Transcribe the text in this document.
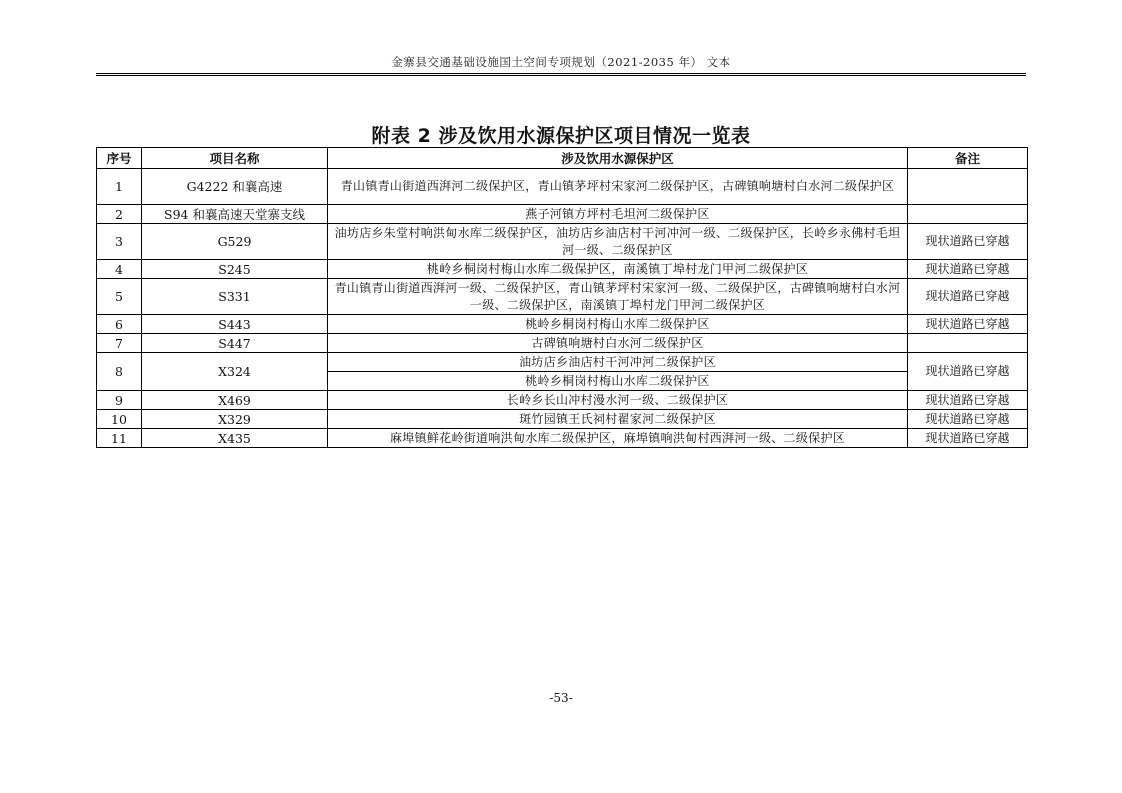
金寨县交通基础设施国土空间专项规划（2021-2035 年） 文本
附表 2 涉及饮用水源保护区项目情况一览表
序号	项目名称	涉及饮用水源保护区	备注
1	G4222 和襄高速	青山镇青山街道西湃河二级保护区，青山镇茅坪村宋家河二级保护区，古碑镇响塘村白水河二级保护区	
2	S94 和襄高速天堂寨支线	燕子河镇方坪村毛坦河二级保护区	
3	G529	油坊店乡朱堂村响洪甸水库二级保护区，油坊店乡油店村干河冲河一级、二级保护区，长岭乡永佛村毛坦河一级、二级保护区	现状道路已穿越
4	S245	桃岭乡桐岗村梅山水库二级保护区，南溪镇丁埠村龙门甲河二级保护区	现状道路已穿越
5	S331	青山镇青山街道西湃河一级、二级保护区，青山镇茅坪村宋家河一级、二级保护区，古碑镇响塘村白水河一级、二级保护区，南溪镇丁埠村龙门甲河二级保护区	现状道路已穿越
6	S443	桃岭乡桐岗村梅山水库二级保护区	现状道路已穿越
7	S447	古碑镇响塘村白水河二级保护区	
8	X324	油坊店乡油店村干河冲河二级保护区	现状道路已穿越
		桃岭乡桐岗村梅山水库二级保护区	
9	X469	长岭乡长山冲村漫水河一级、二级保护区	现状道路已穿越
10	X329	斑竹园镇王氏祠村翟家河二级保护区	现状道路已穿越
11	X435	麻埠镇鲜花岭街道响洪甸水库二级保护区，麻埠镇响洪甸村西湃河一级、二级保护区	现状道路已穿越
-53-
